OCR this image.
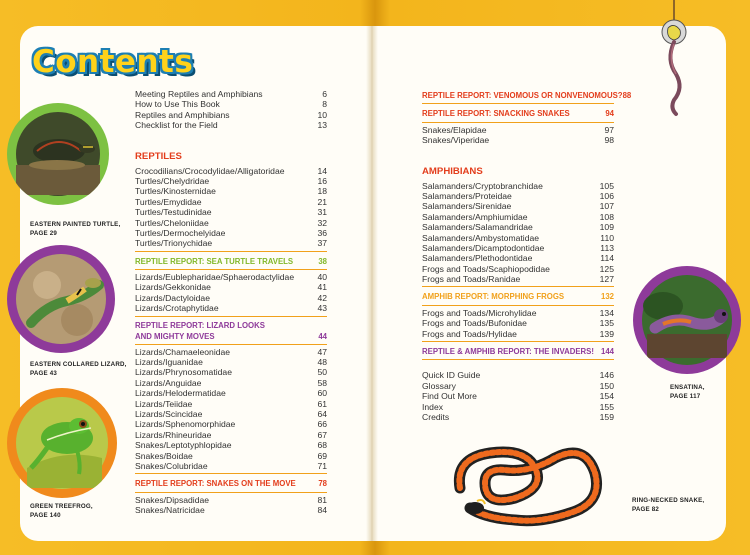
Contents
Meeting Reptiles and Amphibians	6
How to Use This Book	8
Reptiles and Amphibians	10
Checklist for the Field	13
REPTILES
Crocodilians/Crocodylidae/Alligatoridae	14
Turtles/Chelydridae	16
Turtles/Kinosternidae	18
Turtles/Emydidae	21
Turtles/Testudinidae	31
Turtles/Cheloniidae	32
Turtles/Dermochelyidae	36
Turtles/Trionychidae	37
REPTILE REPORT: SEA TURTLE TRAVELS	38
Lizards/Eublepharidae/Sphaerodactylidae	40
Lizards/Gekkonidae	41
Lizards/Dactyloidae	42
Lizards/Crotaphytidae	43
REPTILE REPORT: LIZARD LOOKS
AND MIGHTY MOVES	44
Lizards/Chamaeleonidae	47
Lizards/Iguanidae	48
Lizards/Phrynosomatidae	50
Lizards/Anguidae	58
Lizards/Helodermatidae	60
Lizards/Teiidae	61
Lizards/Scincidae	64
Lizards/Sphenomorphidae	66
Lizards/Rhineuridae	67
Snakes/Leptotyphlopidae	68
Snakes/Boidae	69
Snakes/Colubridae	71
REPTILE REPORT: SNAKES ON THE MOVE	78
Snakes/Dipsadidae	81
Snakes/Natricidae	84
REPTILE REPORT: VENOMOUS OR NONVENOMOUS? 88
REPTILE REPORT: SNACKING SNAKES	94
Snakes/Elapidae	97
Snakes/Viperidae	98
AMPHIBIANS
Salamanders/Cryptobranchidae	105
Salamanders/Proteidae	106
Salamanders/Sirenidae	107
Salamanders/Amphiumidae	108
Salamanders/Salamandridae	109
Salamanders/Ambystomatidae	110
Salamanders/Dicamptodontidae	113
Salamanders/Plethodontidae	114
Frogs and Toads/Scaphiopodidae	125
Frogs and Toads/Ranidae	127
AMPHIB REPORT: MORPHING FROGS	132
Frogs and Toads/Microhylidae	134
Frogs and Toads/Bufonidae	135
Frogs and Toads/Hylidae	139
REPTILE & AMPHIB REPORT: THE INVADERS! 144
Quick ID Guide	146
Glossary	150
Find Out More	154
Index	155
Credits	159
EASTERN PAINTED TURTLE,
PAGE 29
EASTERN COLLARED LIZARD,
PAGE 43
GREEN TREEFROG,
PAGE 140
ENSATINA,
PAGE 117
RING-NECKED SNAKE,
PAGE 82
